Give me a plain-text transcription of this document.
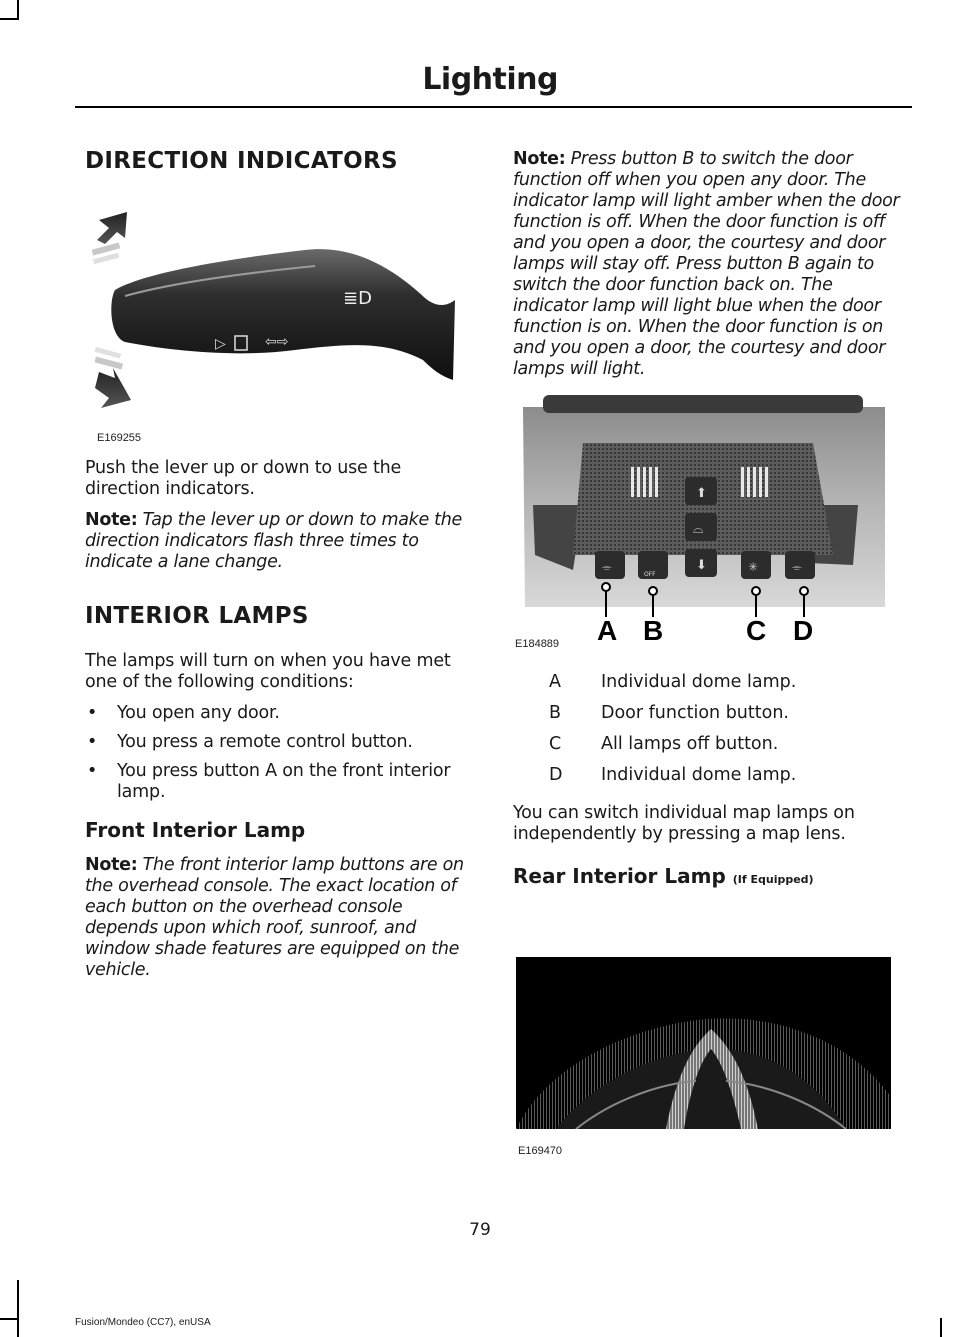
Lighting
DIRECTION INDICATORS
▷	⇦⇨
≣D
E169255

Push the lever up or down to use the direction indicators.

Note: Tap the lever up or down to make the direction indicators flash three times to indicate a lane change.

INTERIOR LAMPS

The lamps will turn on when you have met one of the following conditions:

• You open any door.
• You press a remote control button.
• You press button A on the front interior lamp.
Front Interior Lamp

Note: The front interior lamp buttons are on the overhead console. The exact location of each button on the overhead console depends upon which roof, sunroof, and window shade features are equipped on the vehicle.

Note: Press button B to switch the door function off when you open any door. The indicator lamp will light amber when the door function is off. When the door function is off and you open a door, the courtesy and door lamps will stay off. Press button B again to switch the door function back on. The indicator lamp will light blue when the door function is on. When the door function is on and you open a door, the courtesy and door lamps will light.

⬆
⌓
⬇
⌯
OFF
✳	⌯
A B	C D
E184889
A Individual dome lamp.
B Door function button.
C All lamps off button.
D Individual dome lamp.

You can switch individual map lamps on independently by pressing a map lens.

Rear Interior Lamp (If Equipped)
E169470
79
Fusion/Mondeo (CC7), enUSA
